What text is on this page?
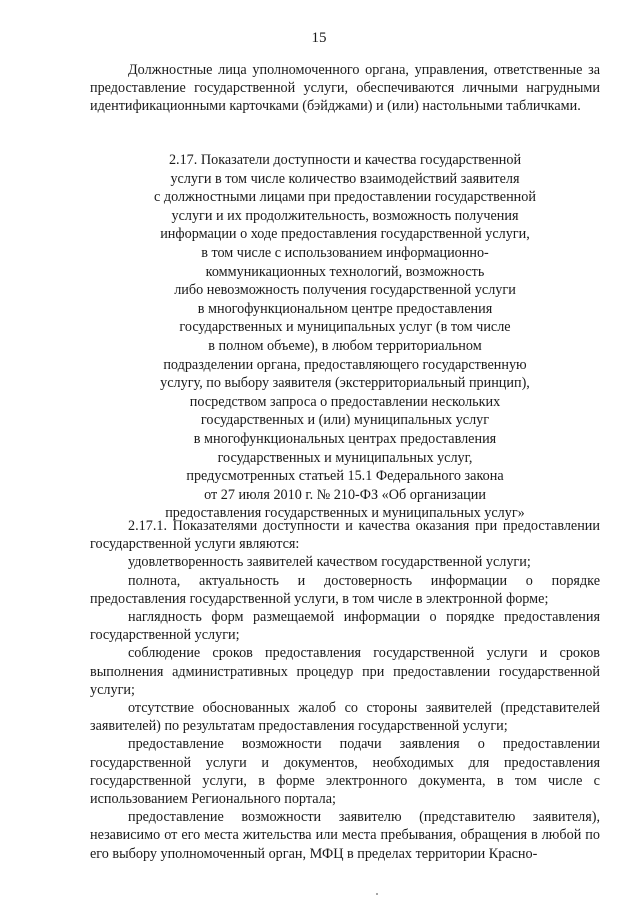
15

Должностные лица уполномоченного органа, управления, ответственные за предоставление государственной услуги, обеспечиваются личными нагрудными идентификационными карточками (бэйджами) и (или) настольными табличками.

2.17. Показатели доступности и качества государственной
услуги в том числе количество взаимодействий заявителя
с должностными лицами при предоставлении государственной
услуги и их продолжительность, возможность получения
информации о ходе предоставления государственной услуги,
в том числе с использованием информационно-
коммуникационных технологий, возможность
либо невозможность получения государственной услуги
в многофункциональном центре предоставления
государственных и муниципальных услуг (в том числе
в полном объеме), в любом территориальном
подразделении органа, предоставляющего государственную
услугу, по выбору заявителя (экстерриториальный принцип),
посредством запроса о предоставлении нескольких
государственных и (или) муниципальных услуг
в многофункциональных центрах предоставления
государственных и муниципальных услуг,
предусмотренных статьей 15.1 Федерального закона
от 27 июля 2010 г. № 210-ФЗ «Об организации
предоставления государственных и муниципальных услуг»

2.17.1. Показателями доступности и качества оказания при предоставлении государственной услуги являются:

удовлетворенность заявителей качеством государственной услуги;

полнота, актуальность и достоверность информации о порядке предоставления государственной услуги, в том числе в электронной форме;

наглядность форм размещаемой информации о порядке предоставления государственной услуги;

соблюдение сроков предоставления государственной услуги и сроков выполнения административных процедур при предоставлении государственной услуги;

отсутствие обоснованных жалоб со стороны заявителей (представителей заявителей) по результатам предоставления государственной услуги;

предоставление возможности подачи заявления о предоставлении государственной услуги и документов, необходимых для предоставления государственной услуги, в форме электронного документа, в том числе с использованием Регионального портала;

предоставление возможности заявителю (представителю заявителя), независимо от его места жительства или места пребывания, обращения в любой по его выбору уполномоченный орган, МФЦ в пределах территории Красно-
